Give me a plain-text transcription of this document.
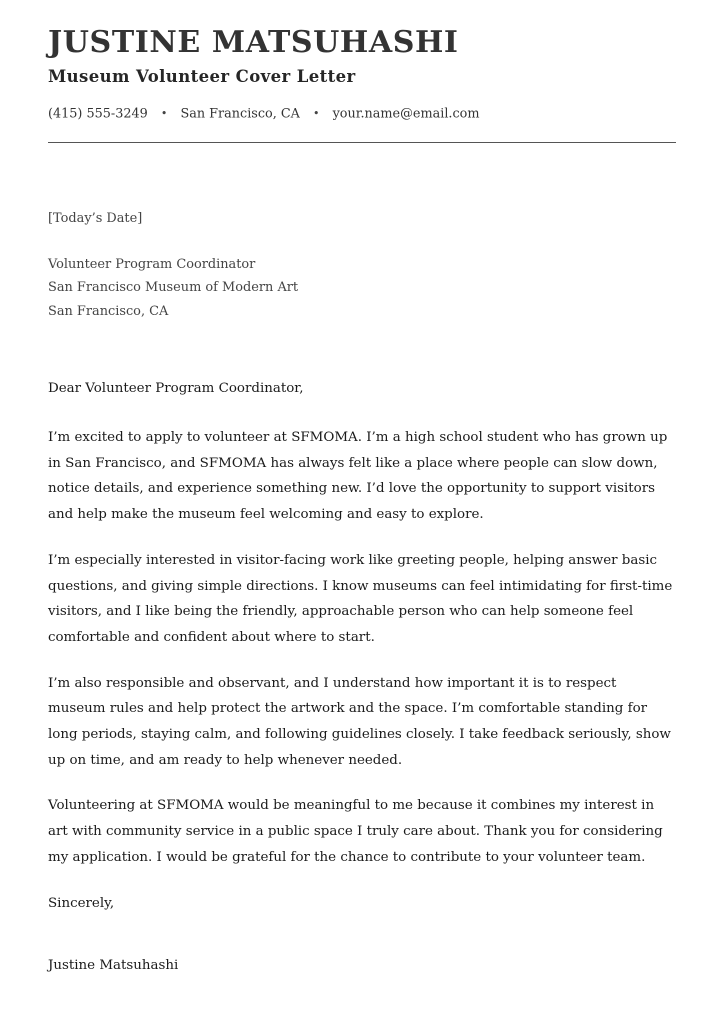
JUSTINE MATSUHASHI
Museum Volunteer Cover Letter
(415) 555-3249 • San Francisco, CA • your.name@email.com
[Today’s Date]
Volunteer Program Coordinator
San Francisco Museum of Modern Art
San Francisco, CA
Dear Volunteer Program Coordinator,

I’m excited to apply to volunteer at SFMOMA. I’m a high school student who has grown up in San Francisco, and SFMOMA has always felt like a place where people can slow down, notice details, and experience something new. I’d love the opportunity to support visitors and help make the museum feel welcoming and easy to explore.

I’m especially interested in visitor-facing work like greeting people, helping answer basic questions, and giving simple directions. I know museums can feel intimidating for first-time visitors, and I like being the friendly, approachable person who can help someone feel comfortable and confident about where to start.

I’m also responsible and observant, and I understand how important it is to respect museum rules and help protect the artwork and the space. I’m comfortable standing for long periods, staying calm, and following guidelines closely. I take feedback seriously, show up on time, and am ready to help whenever needed.

Volunteering at SFMOMA would be meaningful to me because it combines my interest in art with community service in a public space I truly care about. Thank you for considering my application. I would be grateful for the chance to contribute to your volunteer team.

Sincerely,
Justine Matsuhashi
